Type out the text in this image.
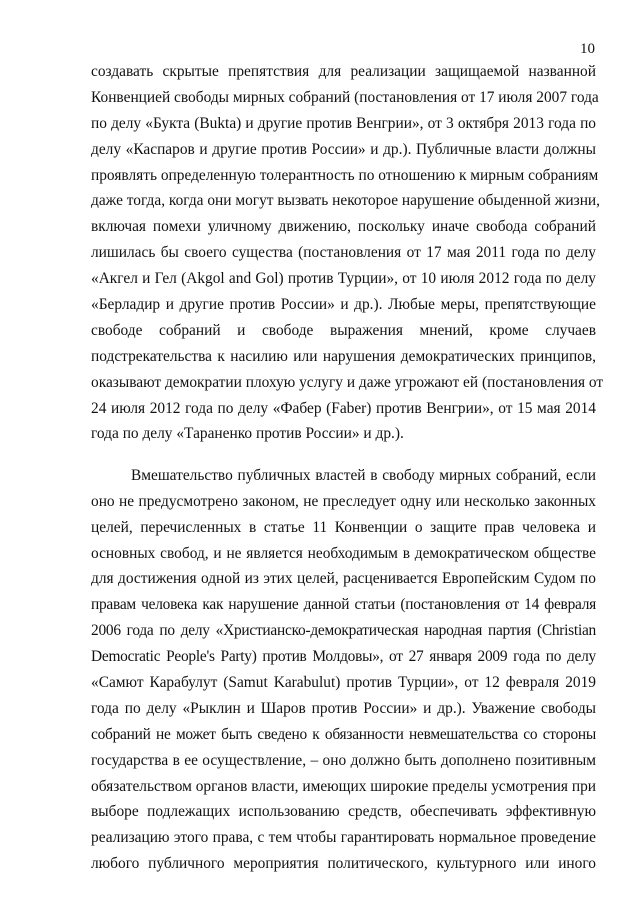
10
создавать скрытые препятствия для реализации защищаемой названной
Конвенцией свободы мирных собраний (постановления от 17 июля 2007 года
по делу «Букта (Bukta) и другие против Венгрии», от 3 октября 2013 года по
делу «Каспаров и другие против России» и др.). Публичные власти должны
проявлять определенную толерантность по отношению к мирным собраниям
даже тогда, когда они могут вызвать некоторое нарушение обыденной жизни,
включая помехи уличному движению, поскольку иначе свобода собраний
лишилась бы своего существа (постановления от 17 мая 2011 года по делу
«Акгел и Гел (Akgol and Gol) против Турции», от 10 июля 2012 года по делу
«Берладир и другие против России» и др.). Любые меры, препятствующие
свободе собраний и свободе выражения мнений, кроме случаев
подстрекательства к насилию или нарушения демократических принципов,
оказывают демократии плохую услугу и даже угрожают ей (постановления от
24 июля 2012 года по делу «Фабер (Faber) против Венгрии», от 15 мая 2014
года по делу «Тараненко против России» и др.).
Вмешательство публичных властей в свободу мирных собраний, если
оно не предусмотрено законом, не преследует одну или несколько законных
целей, перечисленных в статье 11 Конвенции о защите прав человека и
основных свобод, и не является необходимым в демократическом обществе
для достижения одной из этих целей, расценивается Европейским Судом по
правам человека как нарушение данной статьи (постановления от 14 февраля
2006 года по делу «Христианско-демократическая народная партия (Christian
Democratic People's Party) против Молдовы», от 27 января 2009 года по делу
«Самют Карабулут (Samut Karabulut) против Турции», от 12 февраля 2019
года по делу «Рыклин и Шаров против России» и др.). Уважение свободы
собраний не может быть сведено к обязанности невмешательства со стороны
государства в ее осуществление, – оно должно быть дополнено позитивным
обязательством органов власти, имеющих широкие пределы усмотрения при
выборе подлежащих использованию средств, обеспечивать эффективную
реализацию этого права, с тем чтобы гарантировать нормальное проведение
любого публичного мероприятия политического, культурного или иного
